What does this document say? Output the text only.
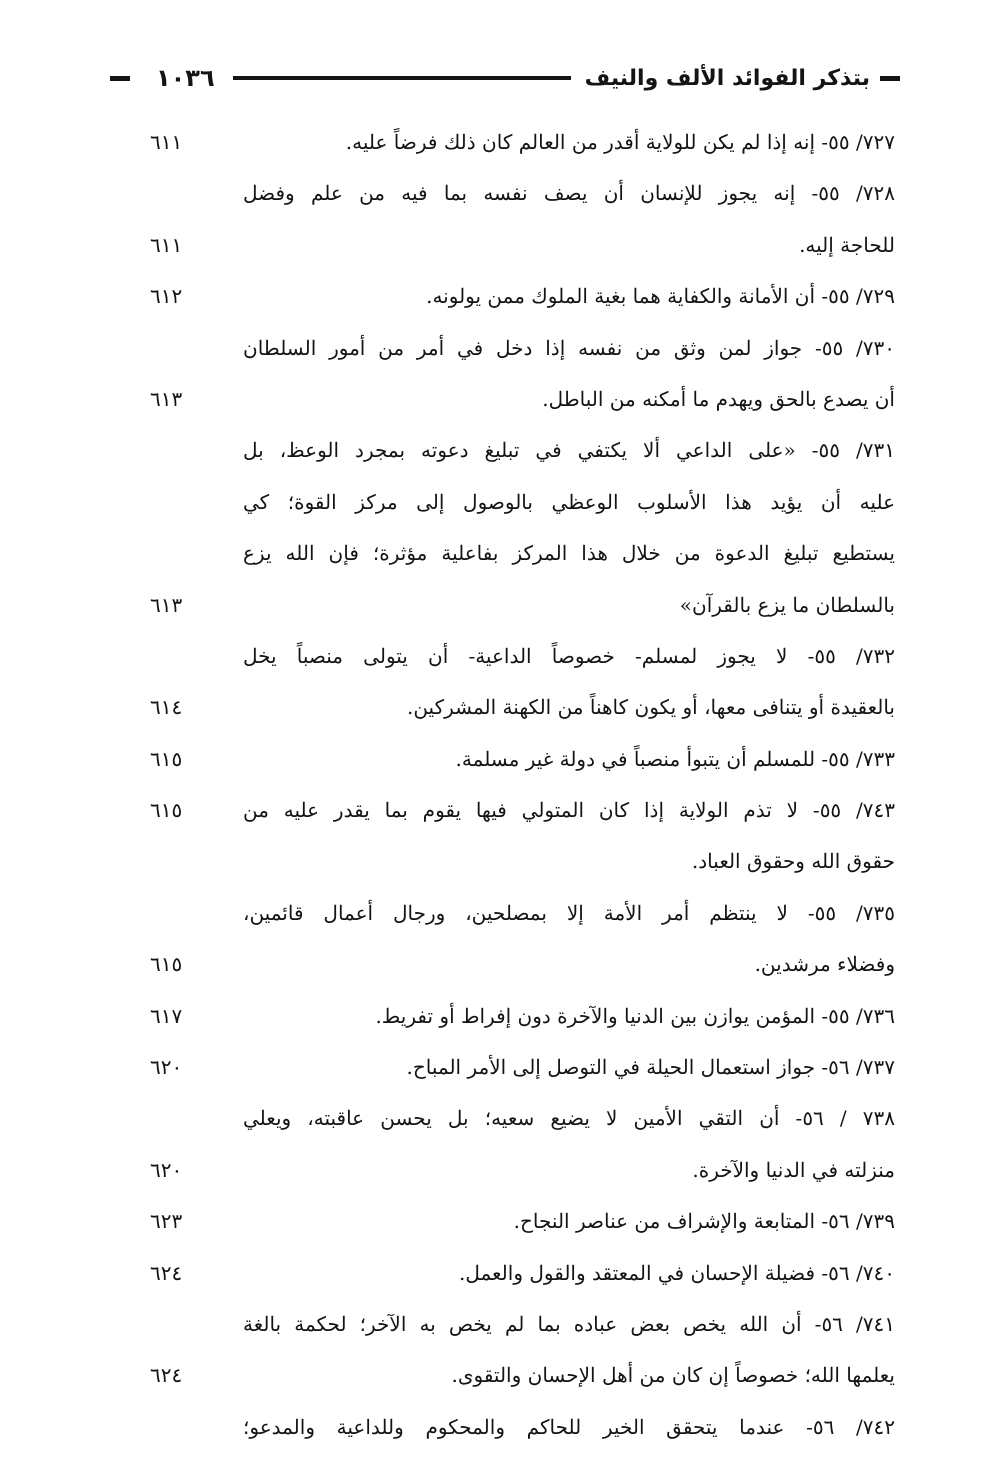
١٠٣٦	بتذكر الفوائد الألف والنيف
٧٢٧/ ٥٥- إنه إذا لم يكن للولاية أقدر من العالم كان ذلك فرضاً عليه.
٦١١
٧٢٨/ ٥٥- إنه يجوز للإنسان أن يصف نفسه بما فيه من علم وفضل
للحاجة إليه.
٦١١
٧٢٩/ ٥٥- أن الأمانة والكفاية هما بغية الملوك ممن يولونه.
٦١٢
٧٣٠/ ٥٥- جواز لمن وثق من نفسه إذا دخل في أمر من أمور السلطان
أن يصدع بالحق ويهدم ما أمكنه من الباطل.
٦١٣
٧٣١/ ٥٥- «على الداعي ألا يكتفي في تبليغ دعوته بمجرد الوعظ، بل
عليه أن يؤيد هذا الأسلوب الوعظي بالوصول إلى مركز القوة؛ كي
يستطيع تبليغ الدعوة من خلال هذا المركز بفاعلية مؤثرة؛ فإن الله يزع
بالسلطان ما يزع بالقرآن»
٦١٣
٧٣٢/ ٥٥- لا يجوز لمسلم- خصوصاً الداعية- أن يتولى منصباً يخل
بالعقيدة أو يتنافى معها، أو يكون كاهناً من الكهنة المشركين.
٦١٤
٧٣٣/ ٥٥- للمسلم أن يتبوأ منصباً في دولة غير مسلمة.
٦١٥
٧٤٣/ ٥٥- لا تذم الولاية إذا كان المتولي فيها يقوم بما يقدر عليه من
٦١٥
حقوق الله وحقوق العباد.
٧٣٥/ ٥٥- لا ينتظم أمر الأمة إلا بمصلحين، ورجال أعمال قائمين،
وفضلاء مرشدين.
٦١٥
٧٣٦/ ٥٥- المؤمن يوازن بين الدنيا والآخرة دون إفراط أو تفريط.
٦١٧
٧٣٧/ ٥٦- جواز استعمال الحيلة في التوصل إلى الأمر المباح.
٦٢٠
٧٣٨ / ٥٦- أن التقي الأمين لا يضيع سعيه؛ بل يحسن عاقبته، ويعلي
منزلته في الدنيا والآخرة.
٦٢٠
٧٣٩/ ٥٦- المتابعة والإشراف من عناصر النجاح.
٦٢٣
٧٤٠/ ٥٦- فضيلة الإحسان في المعتقد والقول والعمل.
٦٢٤
٧٤١/ ٥٦- أن الله يخص بعض عباده بما لم يخص به الآخر؛ لحكمة بالغة
يعلمها الله؛ خصوصاً إن كان من أهل الإحسان والتقوى.
٦٢٤
٧٤٢/ ٥٦- عندما يتحقق الخير للحاكم والمحكوم وللداعية والمدعو؛
